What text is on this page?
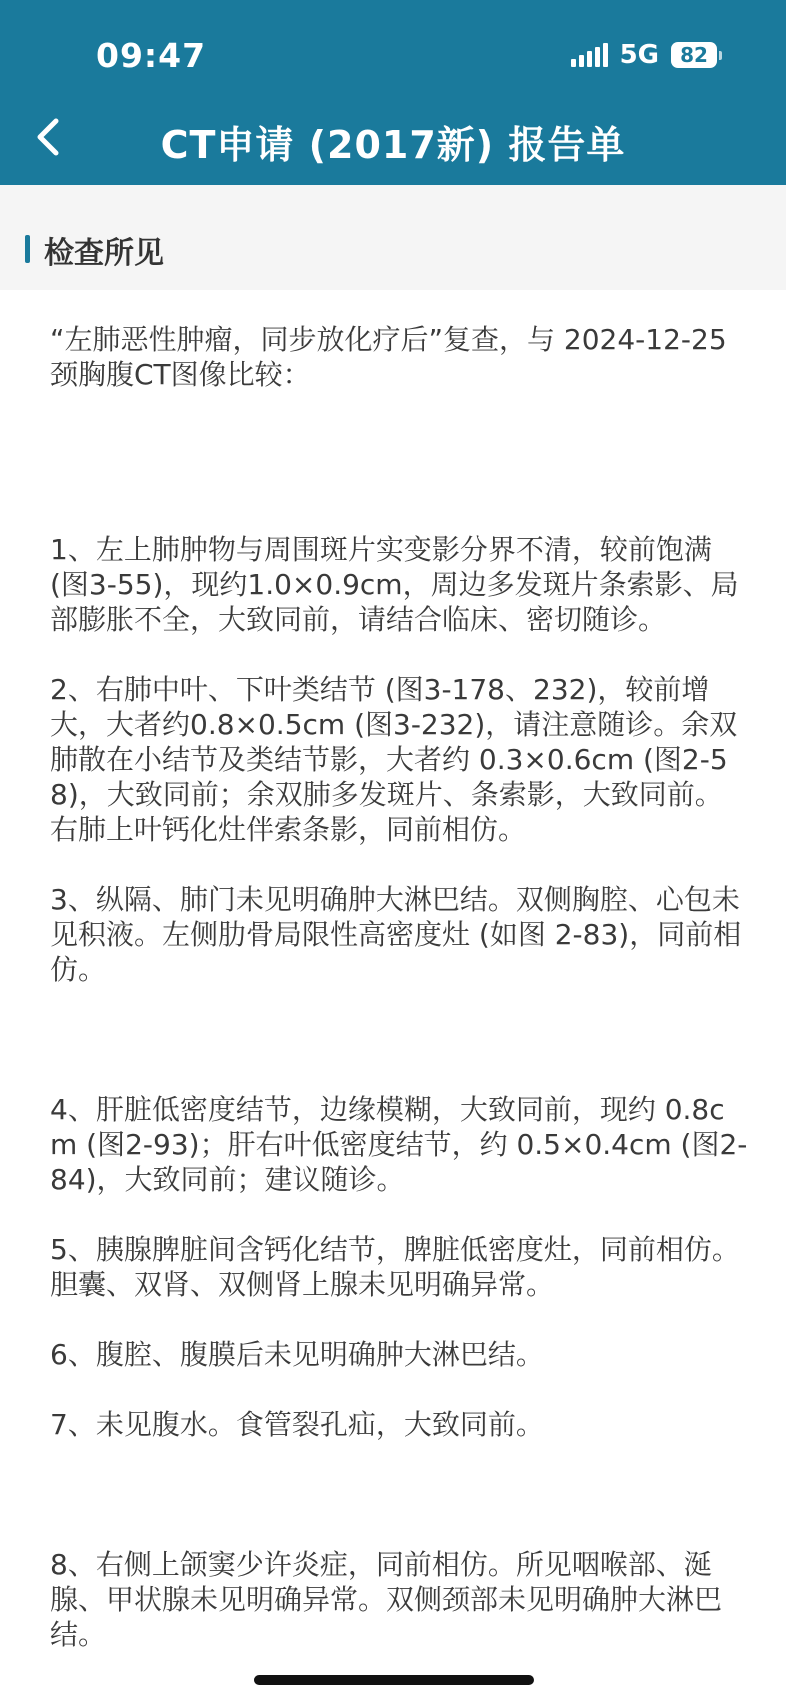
09:47	5G	82
CT申请 (2017新) 报告单
检查所见

“左肺恶性肿瘤，同步放化疗后”复查，与 2024-12-25颈胸腹CT图像比较：

1、左上肺肿物与周围斑片实变影分界不清，较前饱满 (图3-55)，现约1.0×0.9cm，周边多发斑片条索影、局部膨胀不全，大致同前，请结合临床、密切随诊。

2、右肺中叶、下叶类结节 (图3-178、232)，较前增大，大者约0.8×0.5cm (图3-232)，请注意随诊。余双肺散在小结节及类结节影，大者约 0.3×0.6cm (图2-58)，大致同前；余双肺多发斑片、条索影，大致同前。右肺上叶钙化灶伴索条影，同前相仿。

3、纵隔、肺门未见明确肿大淋巴结。双侧胸腔、心包未见积液。左侧肋骨局限性高密度灶 (如图 2-83)，同前相仿。

4、肝脏低密度结节，边缘模糊，大致同前，现约 0.8cm (图2-93)；肝右叶低密度结节，约 0.5×0.4cm (图2-84)，大致同前；建议随诊。

5、胰腺脾脏间含钙化结节，脾脏低密度灶，同前相仿。胆囊、双肾、双侧肾上腺未见明确异常。

6、腹腔、腹膜后未见明确肿大淋巴结。

7、未见腹水。食管裂孔疝，大致同前。

8、右侧上颌窦少许炎症，同前相仿。所见咽喉部、涎腺、甲状腺未见明确异常。双侧颈部未见明确肿大淋巴结。
